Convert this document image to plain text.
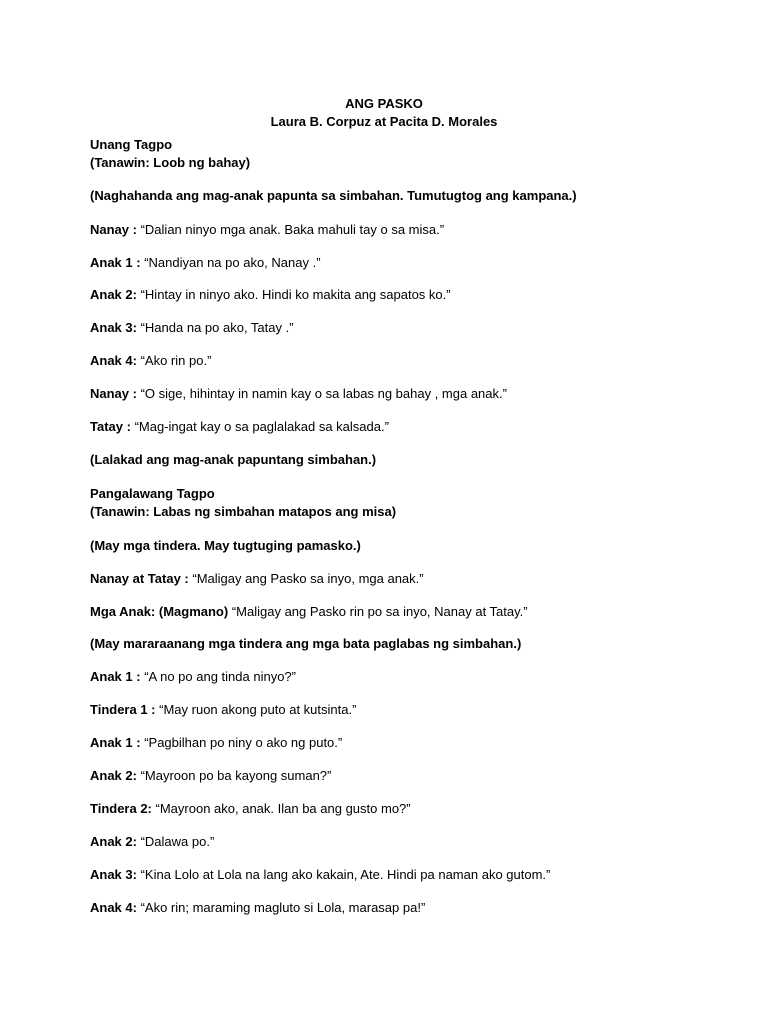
ANG PASKO
Laura B. Corpuz at Pacita D. Morales
Unang Tagpo
(Tanawin: Loob ng bahay)
(Naghahanda ang mag-anak papunta sa simbahan. Tumutugtog ang kampana.)
Nanay : “Dalian ninyo mga anak. Baka mahuli tay o sa misa.”
Anak 1 : “Nandiyan na po ako, Nanay .”
Anak 2: “Hintay in ninyo ako. Hindi ko makita ang sapatos ko.”
Anak 3: “Handa na po ako, Tatay .”
Anak 4: “Ako rin po.”
Nanay : “O sige, hihintay in namin kay o sa labas ng bahay , mga anak.”
Tatay : “Mag-ingat kay o sa paglalakad sa kalsada.”
(Lalakad ang mag-anak papuntang simbahan.)
Pangalawang Tagpo
(Tanawin: Labas ng simbahan matapos ang misa)
(May mga tindera. May tugtuging pamasko.)
Nanay at Tatay : “Maligay ang Pasko sa inyo, mga anak.”
Mga Anak: (Magmano) “Maligay ang Pasko rin po sa inyo, Nanay at Tatay.”
(May mararaanang mga tindera ang mga bata paglabas ng simbahan.)
Anak 1 : “A no po ang tinda ninyo?”
Tindera 1 : “May ruon akong puto at kutsinta.”
Anak 1 : “Pagbilhan po niny o ako ng puto.”
Anak 2: “Mayroon po ba kayong suman?”
Tindera 2: “Mayroon ako, anak. Ilan ba ang gusto mo?”
Anak 2: “Dalawa po.”
Anak 3: “Kina Lolo at Lola na lang ako kakain, Ate. Hindi pa naman ako gutom.”
Anak 4: “Ako rin; maraming magluto si Lola, marasap pa!”
